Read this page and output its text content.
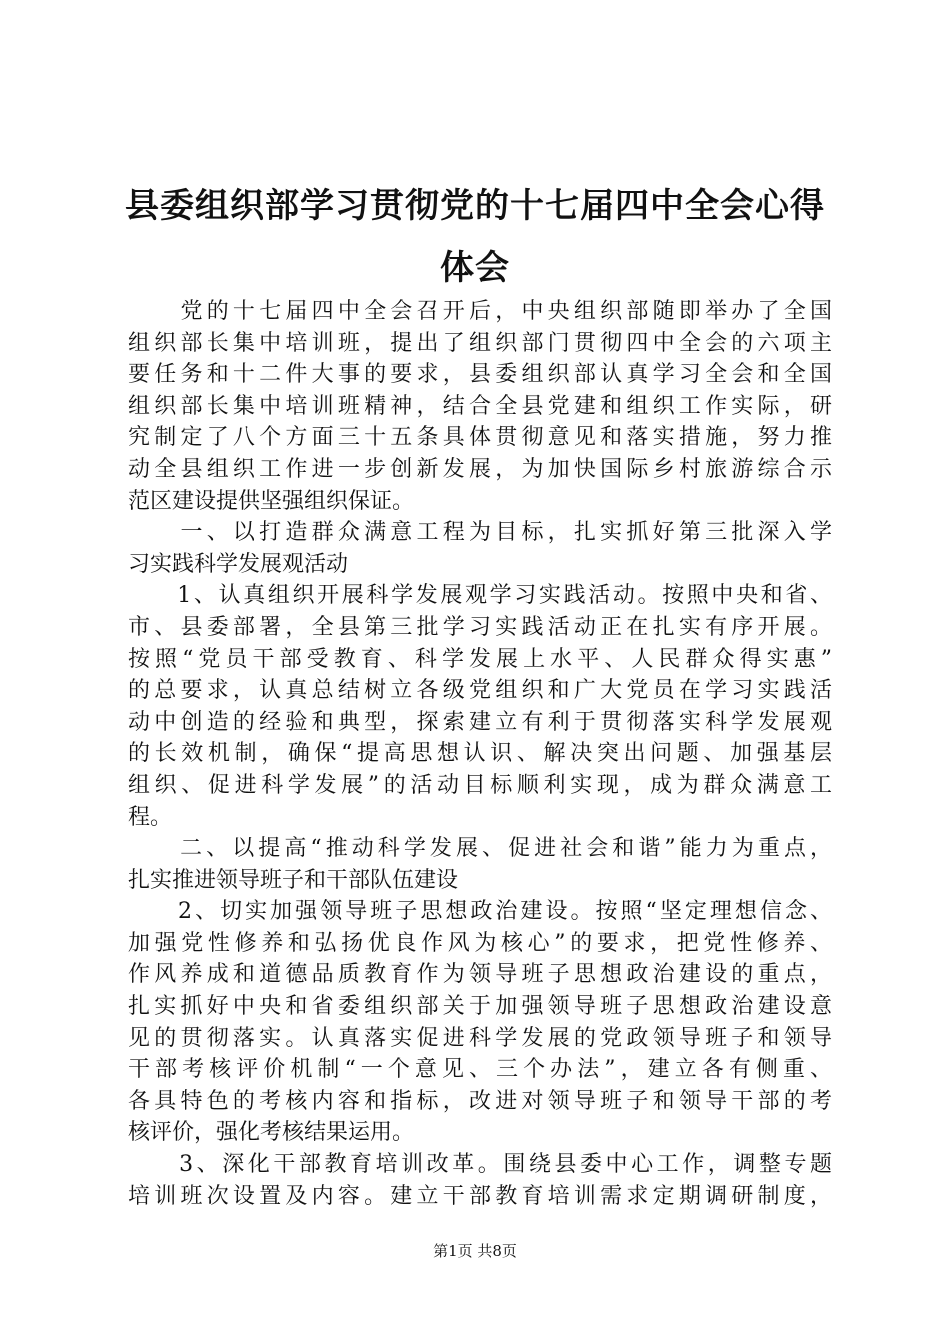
县委组织部学习贯彻党的十七届四中全会心得
体会
　　党的十七届四中全会召开后，中央组织部随即举办了全国
组织部长集中培训班，提出了组织部门贯彻四中全会的六项主
要任务和十二件大事的要求，县委组织部认真学习全会和全国
组织部长集中培训班精神，结合全县党建和组织工作实际，研
究制定了八个方面三十五条具体贯彻意见和落实措施，努力推
动全县组织工作进一步创新发展，为加快国际乡村旅游综合示
范区建设提供坚强组织保证。
　　一、以打造群众满意工程为目标，扎实抓好第三批深入学
习实践科学发展观活动
　　1、认真组织开展科学发展观学习实践活动。按照中央和省、
市、县委部署，全县第三批学习实践活动正在扎实有序开展。
按照“党员干部受教育、科学发展上水平、人民群众得实惠”
的总要求，认真总结树立各级党组织和广大党员在学习实践活
动中创造的经验和典型，探索建立有利于贯彻落实科学发展观
的长效机制，确保“提高思想认识、解决突出问题、加强基层
组织、促进科学发展”的活动目标顺利实现，成为群众满意工
程。
　　二、以提高“推动科学发展、促进社会和谐”能力为重点，
扎实推进领导班子和干部队伍建设
　　2、切实加强领导班子思想政治建设。按照“坚定理想信念、
加强党性修养和弘扬优良作风为核心”的要求，把党性修养、
作风养成和道德品质教育作为领导班子思想政治建设的重点，
扎实抓好中央和省委组织部关于加强领导班子思想政治建设意
见的贯彻落实。认真落实促进科学发展的党政领导班子和领导
干部考核评价机制“一个意见、三个办法”，建立各有侧重、
各具特色的考核内容和指标，改进对领导班子和领导干部的考
核评价，强化考核结果运用。
　　3、深化干部教育培训改革。围绕县委中心工作，调整专题
培训班次设置及内容。建立干部教育培训需求定期调研制度，
第1页 共8页
